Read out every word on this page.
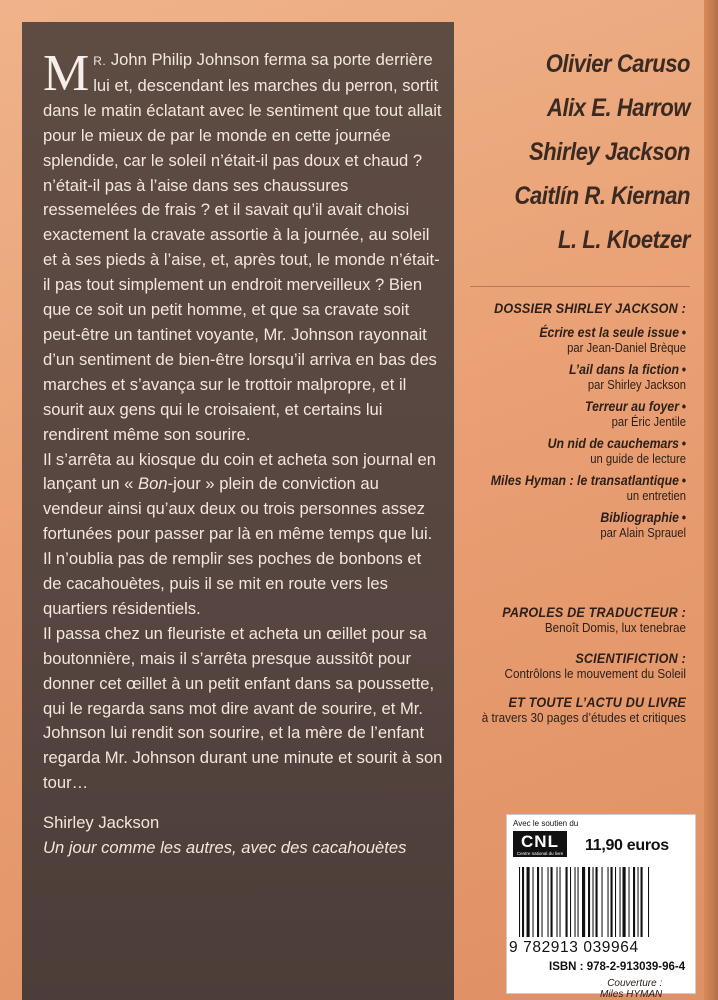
M R. John Philip Johnson ferma sa porte derrière lui et, descendant les marches du perron, sortit dans le matin éclatant avec le sentiment que tout allait pour le mieux de par le monde en cette journée splendide, car le soleil n’était-il pas doux et chaud ? n’était-il pas à l’aise dans ses chaussures ressemelées de frais ? et il savait qu’il avait choisi exactement la cravate assortie à la journée, au soleil et à ses pieds à l’aise, et, après tout, le monde n’était-il pas tout simplement un endroit merveilleux ? Bien que ce soit un petit homme, et que sa cravate soit peut-être un tantinet voyante, Mr. Johnson rayonnait d’un sentiment de bien-être lorsqu’il arriva en bas des marches et s’avança sur le trottoir malpropre, et il sourit aux gens qui le croisaient, et certains lui rendirent même son sourire.

Il s’arrêta au kiosque du coin et acheta son journal en lançant un « Bon-jour » plein de conviction au vendeur ainsi qu’aux deux ou trois personnes assez fortunées pour passer par là en même temps que lui. Il n’oublia pas de remplir ses poches de bonbons et de cacahouètes, puis il se mit en route vers les quartiers résidentiels.

Il passa chez un fleuriste et acheta un œillet pour sa boutonnière, mais il s’arrêta presque aussitôt pour donner cet œillet à un petit enfant dans sa poussette, qui le regarda sans mot dire avant de sourire, et Mr. Johnson lui rendit son sourire, et la mère de l’enfant regarda Mr. Johnson durant une minute et sourit à son tour…

Shirley Jackson
Un jour comme les autres, avec des cacahouètes
Olivier Caruso
Alix E. Harrow
Shirley Jackson
Caitlín R. Kiernan
L. L. Kloetzer
DOSSIER SHIRLEY JACKSON :
Écrire est la seule issue •
par Jean-Daniel Brèque
L’ail dans la fiction •
par Shirley Jackson
Terreur au foyer •
par Éric Jentile
Un nid de cauchemars •
un guide de lecture
Miles Hyman : le transatlantique •
un entretien
Bibliographie •
par Alain Sprauel
PAROLES DE TRADUCTEUR :
Benoît Domis, lux tenebrae
SCIENTIFICTION :
Contrôlons le mouvement du Soleil
ET TOUTE L’ACTU DU LIVRE
à travers 30 pages d’études et critiques
Avec le soutien du
CNL
Centre national du livre 11,90 euros
9 782913 039964
ISBN : 978-2-913039-96-4
Couverture :
Miles HYMAN
